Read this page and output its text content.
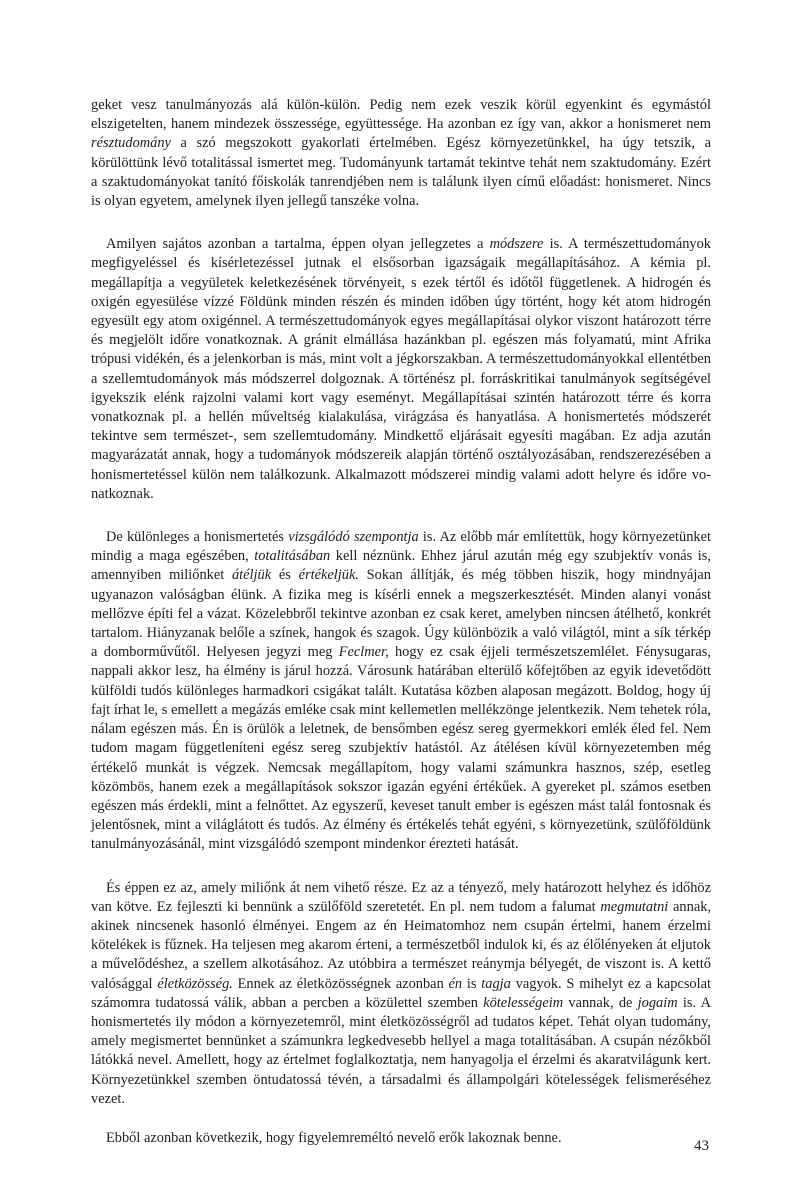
geket vesz tanulmányozás alá külön-külön. Pedig nem ezek veszik körül egyenkint és egymástól elszigetelten, hanem mindezek összessége, együttessége. Ha azonban ez így van, akkor a honismeret nem résztudomány a szó megszokott gyakorlati értelmében. Egész környezetünkkel, ha úgy tetszik, a körülöttünk lévő totalitással ismertet meg. Tudományunk tartamát tekintve tehát nem szaktudomány. Ezért a szaktudományokat tanító főiskolák tanrendjében nem is találunk ilyen című előadást: honismeret. Nincs is olyan egyetem, amelynek ilyen jellegű tanszéke volna.

Amilyen sajátos azonban a tartalma, éppen olyan jellegzetes a módszere is. A természettudományok megfigyeléssel és kísérletezéssel jutnak el elsősorban igazságaik megállapításához. A kémia pl. megállapítja a vegyületek keletkezésének törvényeit, s ezek tértől és időtől függetlenek. A hidrogén és oxigén egyesülése vízzé Földünk minden részén és minden időben úgy történt, hogy két atom hidrogén egyesült egy atom oxigénnel. A természettudományok egyes megállapításai olykor viszont határozott térre és megjelölt időre vonatkoznak. A gránit elmállása hazánkban pl. egészen más folyamatú, mint Afrika trópusi vidékén, és a jelenkorban is más, mint volt a jégkorszakban. A természettudományokkal ellentétben a szellemtudományok más módszerrel dolgoznak. A történész pl. forráskritikai tanulmányok segítségével igyekszik elénk rajzolni valami kort vagy eseményt. Megállapításai szintén határozott térre és korra vonatkoznak pl. a hellén műveltség kialakulása, virágzása és hanyatlása. A honismertetés módszerét tekintve sem természet-, sem szellemtudomány. Mindkettő eljárásait egyesíti magában. Ez adja azután magyarázatát annak, hogy a tudományok módszereik alapján történő osztályozásában, rendszerezésében a honismertetéssel külön nem találkozunk. Alkalmazott módszerei mindig valami adott helyre és időre vonatkoznak.

De különleges a honismertetés vizsgálódó szempontja is. Az előbb már említettük, hogy környezetünket mindig a maga egészében, totalitásában kell néznünk. Ehhez járul azután még egy szubjektív vonás is, amennyiben miliőnket átéljük és értékeljük. Sokan állítják, és még többen hiszik, hogy mindnyájan ugyanazon valóságban élünk. A fizika meg is kísérli ennek a megszerkesztését. Minden alanyi vonást mellőzve építi fel a vázat. Közelebbről tekintve azonban ez csak keret, amelyben nincsen átélhető, konkrét tartalom. Hiányzanak belőle a színek, hangok és szagok. Úgy különbözik a való világtól, mint a sík térkép a domborművűtől. Helyesen jegyzi meg Feclmer, hogy ez csak éjjeli természetszemlélet. Fénysugaras, nappali akkor lesz, ha élmény is járul hozzá. Városunk határában elterülő kőfejtőben az egyik idevetődött külföldi tudós különleges harmadkori csigákat talált. Kutatása közben alaposan megázott. Boldog, hogy új fajt írhat le, s emellett a megázás emléke csak mint kellemetlen mellékzönge jelentkezik. Nem tehetek róla, nálam egészen más. Én is örülök a leletnek, de bensőmben egész sereg gyermekkori emlék éled fel. Nem tudom magam függetleníteni egész sereg szubjektív hatástól. Az átélésen kívül környezetemben még értékelő munkát is végzek. Nemcsak megállapítom, hogy valami számunkra hasznos, szép, esetleg közömbös, hanem ezek a megállapítások sokszor igazán egyéni értékűek. A gyereket pl. számos esetben egészen más érdekli, mint a felnőttet. Az egyszerű, keveset tanult ember is egészen mást talál fontosnak és jelentősnek, mint a világlátott és tudós. Az élmény és értékelés tehát egyéni, s környezetünk, szülőföldünk tanulmányozásánál, mint vizsgálódó szempont mindenkor érezteti hatását.

És éppen ez az, amely miliőnk át nem vihető része. Ez az a tényező, mely határozott helyhez és időhöz van kötve. Ez fejleszti ki bennünk a szülőföld szeretetét. En pl. nem tudom a falumat megmutatni annak, akinek nincsenek hasonló élményei. Engem az én Heimatomhoz nem csupán értelmi, hanem érzelmi kötelékek is fűznek. Ha teljesen meg akarom érteni, a természetből indulok ki, és az élőlényeken át eljutok a művelődéshez, a szellem alkotásához. Az utóbbira a természet reánymja bélyegét, de viszont is. A kettő valósággal életközösség. Ennek az életközösségnek azonban én is tagja vagyok. S mihelyt ez a kapcsolat számomra tudatossá válik, abban a percben a közülettel szemben kötelességeim vannak, de jogaim is. A honismertetés ily módon a környezetemről, mint életközösségről ad tudatos képet. Tehát olyan tudomány, amely megismertet bennünket a számunkra legkedvesebb hellyel a maga totalitásában. A csupán nézőkből látókká nevel. Amellett, hogy az értelmet foglalkoztatja, nem hanyagolja el érzelmi és akaratvilágunk kert. Környezetünkkel szemben öntudatossá tévén, a társadalmi és állampolgári kötelességek felismeréséhez vezet.

Ebből azonban következik, hogy figyelemreméltó nevelő erők lakoznak benne.

43
